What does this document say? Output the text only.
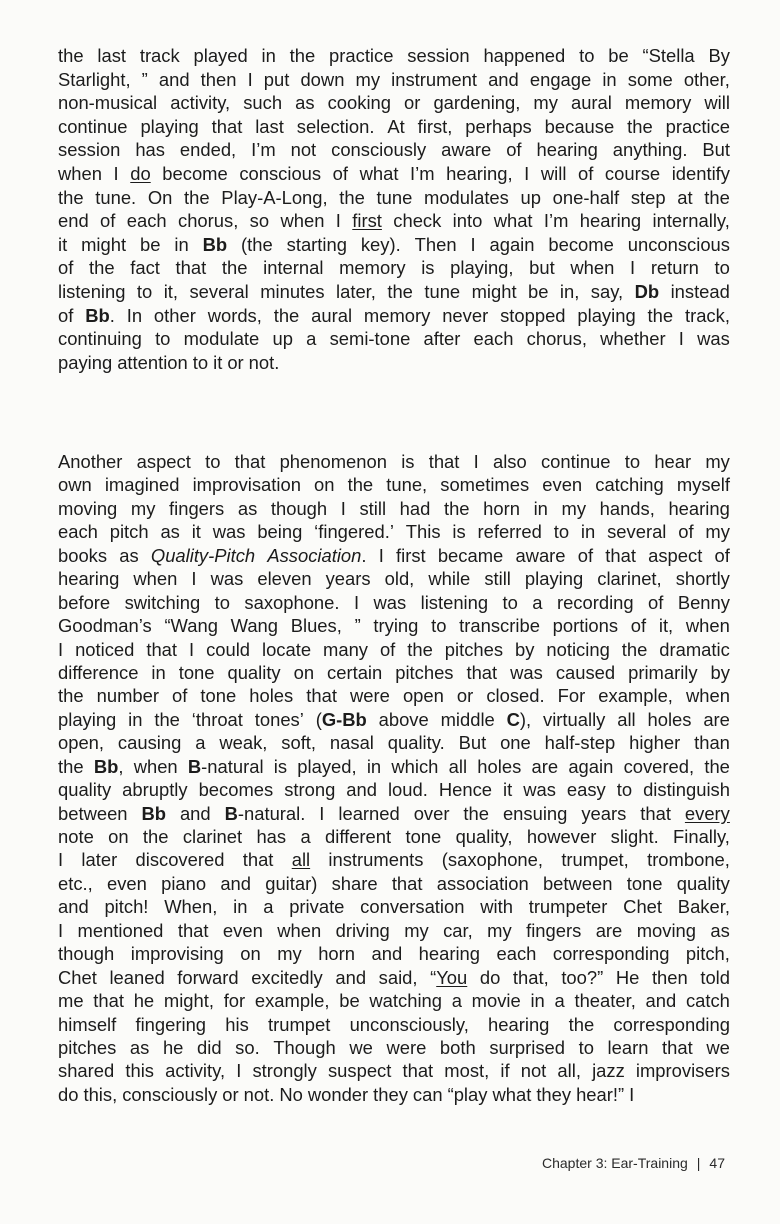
the last track played in the practice session happened to be “Stella By
Starlight, ” and then I put down my instrument and engage in some other,
non-musical activity, such as cooking or gardening, my aural memory will
continue playing that last selection. At first, perhaps because the practice
session has ended, I’m not consciously aware of hearing anything. But
when I do become conscious of what I’m hearing, I will of course identify
the tune. On the Play-A-Long, the tune modulates up one-half step at the
end of each chorus, so when I first check into what I’m hearing internally,
it might be in Bb (the starting key). Then I again become unconscious
of the fact that the internal memory is playing, but when I return to
listening to it, several minutes later, the tune might be in, say, Db instead
of Bb. In other words, the aural memory never stopped playing the track,
continuing to modulate up a semi-tone after each chorus, whether I was
paying attention to it or not.
Another aspect to that phenomenon is that I also continue to hear my
own imagined improvisation on the tune, sometimes even catching myself
moving my fingers as though I still had the horn in my hands, hearing
each pitch as it was being ‘fingered.’ This is referred to in several of my
books as Quality-Pitch Association. I first became aware of that aspect of
hearing when I was eleven years old, while still playing clarinet, shortly
before switching to saxophone. I was listening to a recording of Benny
Goodman’s “Wang Wang Blues, ” trying to transcribe portions of it, when
I noticed that I could locate many of the pitches by noticing the dramatic
difference in tone quality on certain pitches that was caused primarily by
the number of tone holes that were open or closed. For example, when
playing in the ‘throat tones’ (G-Bb above middle C), virtually all holes are
open, causing a weak, soft, nasal quality. But one half-step higher than
the Bb, when B-natural is played, in which all holes are again covered, the
quality abruptly becomes strong and loud. Hence it was easy to distinguish
between Bb and B-natural. I learned over the ensuing years that every
note on the clarinet has a different tone quality, however slight. Finally,
I later discovered that all instruments (saxophone, trumpet, trombone,
etc., even piano and guitar) share that association between tone quality
and pitch! When, in a private conversation with trumpeter Chet Baker,
I mentioned that even when driving my car, my fingers are moving as
though improvising on my horn and hearing each corresponding pitch,
Chet leaned forward excitedly and said, “You do that, too?” He then told
me that he might, for example, be watching a movie in a theater, and catch
himself fingering his trumpet unconsciously, hearing the corresponding
pitches as he did so. Though we were both surprised to learn that we
shared this activity, I strongly suspect that most, if not all, jazz improvisers
do this, consciously or not. No wonder they can “play what they hear!” I
Chapter 3: Ear-Training | 47
